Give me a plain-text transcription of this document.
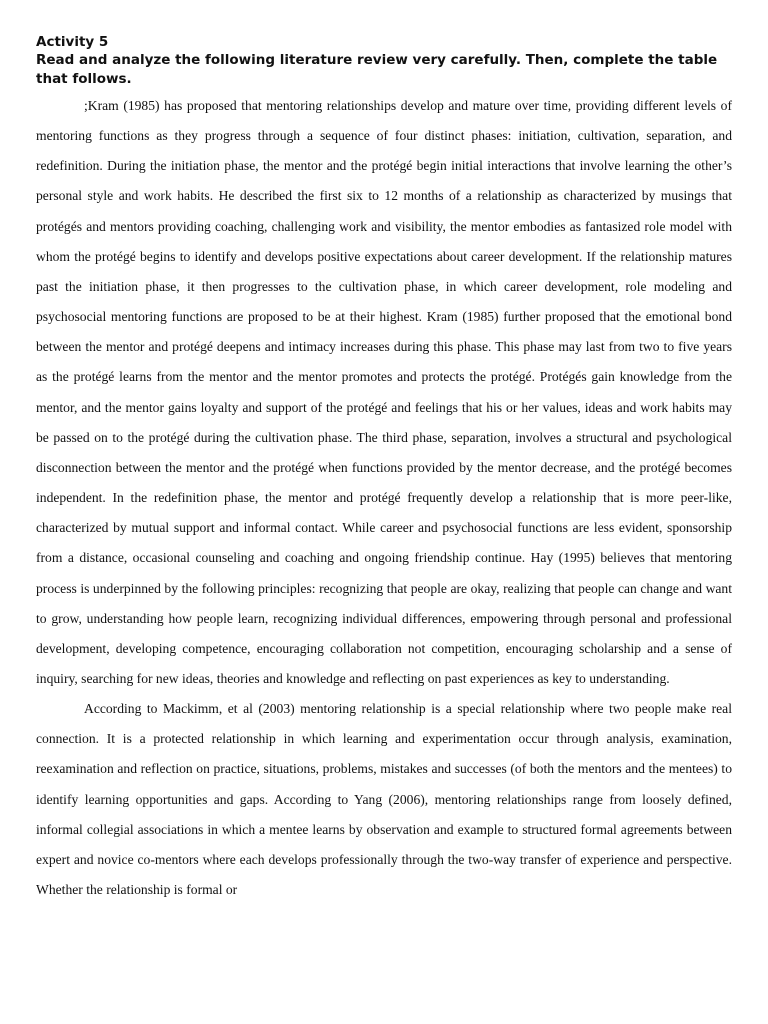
Activity 5

Read and analyze the following literature review very carefully. Then, complete the table that follows.

;Kram (1985) has proposed that mentoring relationships develop and mature over time, providing different levels of mentoring functions as they progress through a sequence of four distinct phases: initiation, cultivation, separation, and redefinition. During the initiation phase, the mentor and the protégé begin initial interactions that involve learning the other’s personal style and work habits. He described the first six to 12 months of a relationship as characterized by musings that protégés and mentors providing coaching, challenging work and visibility, the mentor embodies as fantasized role model with whom the protégé begins to identify and develops positive expectations about career development. If the relationship matures past the initiation phase, it then progresses to the cultivation phase, in which career development, role modeling and psychosocial mentoring functions are proposed to be at their highest. Kram (1985) further proposed that the emotional bond between the mentor and protégé deepens and intimacy increases during this phase. This phase may last from two to five years as the protégé learns from the mentor and the mentor promotes and protects the protégé. Protégés gain knowledge from the mentor, and the mentor gains loyalty and support of the protégé and feelings that his or her values, ideas and work habits may be passed on to the protégé during the cultivation phase. The third phase, separation, involves a structural and psychological disconnection between the mentor and the protégé when functions provided by the mentor decrease, and the protégé becomes independent. In the redefinition phase, the mentor and protégé frequently develop a relationship that is more peer-like, characterized by mutual support and informal contact. While career and psychosocial functions are less evident, sponsorship from a distance, occasional counseling and coaching and ongoing friendship continue. Hay (1995) believes that mentoring process is underpinned by the following principles: recognizing that people are okay, realizing that people can change and want to grow, understanding how people learn, recognizing individual differences, empowering through personal and professional development, developing competence, encouraging collaboration not competition, encouraging scholarship and a sense of inquiry, searching for new ideas, theories and knowledge and reflecting on past experiences as key to understanding.

According to Mackimm, et al (2003) mentoring relationship is a special relationship where two people make real connection. It is a protected relationship in which learning and experimentation occur through analysis, examination, reexamination and reflection on practice, situations, problems, mistakes and successes (of both the mentors and the mentees) to identify learning opportunities and gaps. According to Yang (2006), mentoring relationships range from loosely defined, informal collegial associations in which a mentee learns by observation and example to structured formal agreements between expert and novice co-mentors where each develops professionally through the two-way transfer of experience and perspective. Whether the relationship is formal or
